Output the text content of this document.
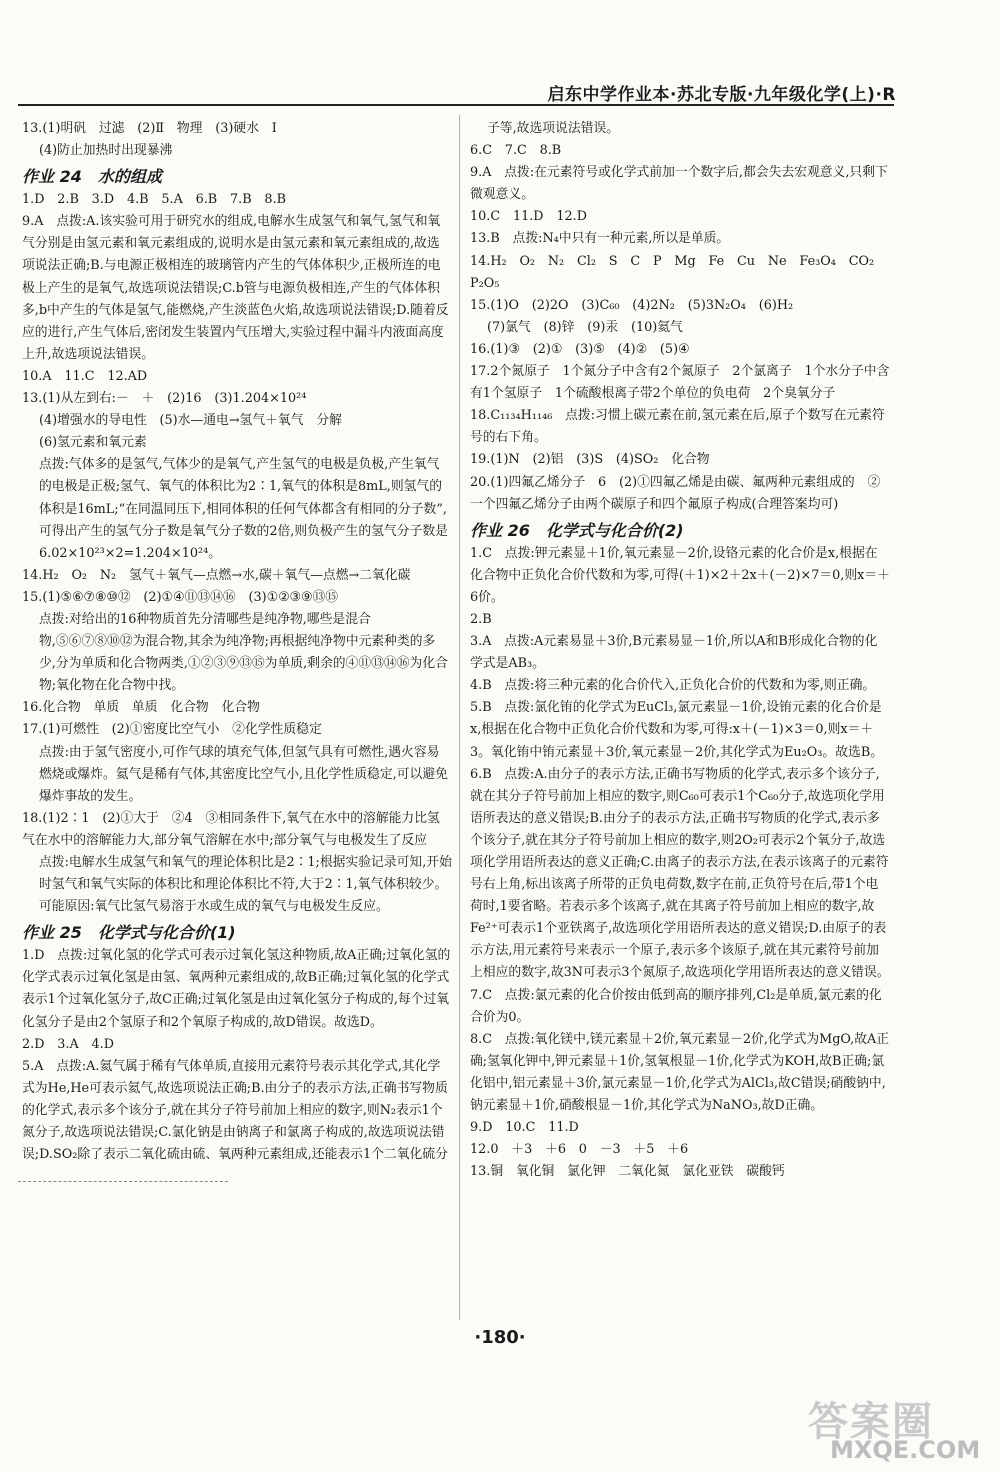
启东中学作业本·苏北专版·九年级化学(上)·R
13.(1)明矾　过滤　(2)Ⅱ　物理　(3)硬水　Ⅰ
(4)防止加热时出现暴沸
作业 24　水的组成
1.D　2.B　3.D　4.B　5.A　6.B　7.B　8.B
9.A　点拨:A.该实验可用于研究水的组成,电解水生成氢气和氧气,氢气和氧气分别是由氢元素和氧元素组成的,说明水是由氢元素和氧元素组成的,故选项说法正确;B.与电源正极相连的玻璃管内产生的气体体积少,正极所连的电极上产生的是氧气,故选项说法错误;C.b管与电源负极相连,产生的气体体积多,b中产生的气体是氢气,能燃烧,产生淡蓝色火焰,故选项说法错误;D.随着反应的进行,产生气体后,密闭发生装置内气压增大,实验过程中漏斗内液面高度上升,故选项说法错误。
10.A　11.C　12.AD
13.(1)从左到右:－　＋　(2)16　(3)1.204×10²⁴
(4)增强水的导电性　(5)水—通电→氢气＋氧气　分解
(6)氢元素和氧元素
点拨:气体多的是氢气,气体少的是氧气,产生氢气的电极是负极,产生氧气的电极是正极;氢气、氧气的体积比为2∶1,氧气的体积是8mL,则氢气的体积是16mL;“在同温同压下,相同体积的任何气体都含有相同的分子数”,可得出产生的氢气分子数是氧气分子数的2倍,则负极产生的氢气分子数是6.02×10²³×2=1.204×10²⁴。
14.H₂　O₂　N₂　氢气＋氧气—点燃→水,碳＋氧气—点燃→二氧化碳
15.(1)⑤⑥⑦⑧⑩⑫　(2)①④⑪⑬⑭⑯　(3)①②③⑨⑬⑮
点拨:对给出的16种物质首先分清哪些是纯净物,哪些是混合物,⑤⑥⑦⑧⑩⑫为混合物,其余为纯净物;再根据纯净物中元素种类的多少,分为单质和化合物两类,①②③⑨⑬⑮为单质,剩余的④⑪⑬⑭⑯为化合物;氧化物在化合物中找。
16.化合物　单质　单质　化合物　化合物
17.(1)可燃性　(2)①密度比空气小　②化学性质稳定
点拨:由于氢气密度小,可作气球的填充气体,但氢气具有可燃性,遇火容易燃烧或爆炸。氦气是稀有气体,其密度比空气小,且化学性质稳定,可以避免爆炸事故的发生。
18.(1)2∶1　(2)①大于　②4　③相同条件下,氧气在水中的溶解能力比氢气在水中的溶解能力大,部分氧气溶解在水中;部分氧气与电极发生了反应
点拨:电解水生成氢气和氧气的理论体积比是2∶1;根据实验记录可知,开始时氢气和氧气实际的体积比和理论体积比不符,大于2∶1,氧气体积较少。可能原因:氧气比氢气易溶于水或生成的氧气与电极发生反应。
作业 25　化学式与化合价(1)
1.D　点拨:过氧化氢的化学式可表示过氧化氢这种物质,故A正确;过氧化氢的化学式表示过氧化氢是由氢、氧两种元素组成的,故B正确;过氧化氢的化学式表示1个过氧化氢分子,故C正确;过氧化氢是由过氧化氢分子构成的,每个过氧化氢分子是由2个氢原子和2个氧原子构成的,故D错误。故选D。
2.D　3.A　4.D
5.A　点拨:A.氦气属于稀有气体单质,直接用元素符号表示其化学式,其化学式为He,He可表示氦气,故选项说法正确;B.由分子的表示方法,正确书写物质的化学式,表示多个该分子,就在其分子符号前加上相应的数字,则N₂表示1个氮分子,故选项说法错误;C.氯化钠是由钠离子和氯离子构成的,故选项说法错误;D.SO₂除了表示二氧化硫由硫、氧两种元素组成,还能表示1个二氧化硫分
子等,故选项说法错误。
6.C　7.C　8.B
9.A　点拨:在元素符号或化学式前加一个数字后,都会失去宏观意义,只剩下微观意义。
10.C　11.D　12.D
13.B　点拨:N₄中只有一种元素,所以是单质。
14.H₂　O₂　N₂　Cl₂　S　C　P　Mg　Fe　Cu　Ne　Fe₃O₄　CO₂　P₂O₅
15.(1)O　(2)2O　(3)C₆₀　(4)2N₂　(5)3N₂O₄　(6)H₂
(7)氯气　(8)锌　(9)汞　(10)氦气
16.(1)③　(2)①　(3)⑤　(4)②　(5)④
17.2个氮原子　1个氮分子中含有2个氮原子　2个氯离子　1个水分子中含有1个氢原子　1个硫酸根离子带2个单位的负电荷　2个臭氧分子
18.C₁₁₃₄H₁₁₄₆　点拨:习惯上碳元素在前,氢元素在后,原子个数写在元素符号的右下角。
19.(1)N　(2)铝　(3)S　(4)SO₂　化合物
20.(1)四氟乙烯分子　6　(2)①四氟乙烯是由碳、氟两种元素组成的　②一个四氟乙烯分子由两个碳原子和四个氟原子构成(合理答案均可)
作业 26　化学式与化合价(2)
1.C　点拨:钾元素显＋1价,氧元素显－2价,设铬元素的化合价是x,根据在化合物中正负化合价代数和为零,可得(＋1)×2＋2x＋(－2)×7＝0,则x＝＋6价。
2.B
3.A　点拨:A元素易显＋3价,B元素易显－1价,所以A和B形成化合物的化学式是AB₃。
4.B　点拨:将三种元素的化合价代入,正负化合价的代数和为零,则正确。
5.B　点拨:氯化铕的化学式为EuCl₃,氯元素显－1价,设铕元素的化合价是x,根据在化合物中正负化合价代数和为零,可得:x＋(－1)×3＝0,则x＝＋3。氧化铕中铕元素显＋3价,氧元素显－2价,其化学式为Eu₂O₃。故选B。
6.B　点拨:A.由分子的表示方法,正确书写物质的化学式,表示多个该分子,就在其分子符号前加上相应的数字,则C₆₀可表示1个C₆₀分子,故选项化学用语所表达的意义错误;B.由分子的表示方法,正确书写物质的化学式,表示多个该分子,就在其分子符号前加上相应的数字,则2O₂可表示2个氧分子,故选项化学用语所表达的意义正确;C.由离子的表示方法,在表示该离子的元素符号右上角,标出该离子所带的正负电荷数,数字在前,正负符号在后,带1个电荷时,1要省略。若表示多个该离子,就在其离子符号前加上相应的数字,故Fe²⁺可表示1个亚铁离子,故选项化学用语所表达的意义错误;D.由原子的表示方法,用元素符号来表示一个原子,表示多个该原子,就在其元素符号前加上相应的数字,故3N可表示3个氮原子,故选项化学用语所表达的意义错误。
7.C　点拨:氯元素的化合价按由低到高的顺序排列,Cl₂是单质,氯元素的化合价为0。
8.C　点拨:氧化镁中,镁元素显＋2价,氧元素显－2价,化学式为MgO,故A正确;氢氧化钾中,钾元素显＋1价,氢氧根显－1价,化学式为KOH,故B正确;氯化铝中,铝元素显＋3价,氯元素显－1价,化学式为AlCl₃,故C错误;硝酸钠中,钠元素显＋1价,硝酸根显－1价,其化学式为NaNO₃,故D正确。
9.D　10.C　11.D
12.0　＋3　＋6　0　－3　＋5　＋6
13.铜　氧化铜　氯化钾　二氧化氮　氯化亚铁　碳酸钙
·180·
答案圈
MXQE.COM
